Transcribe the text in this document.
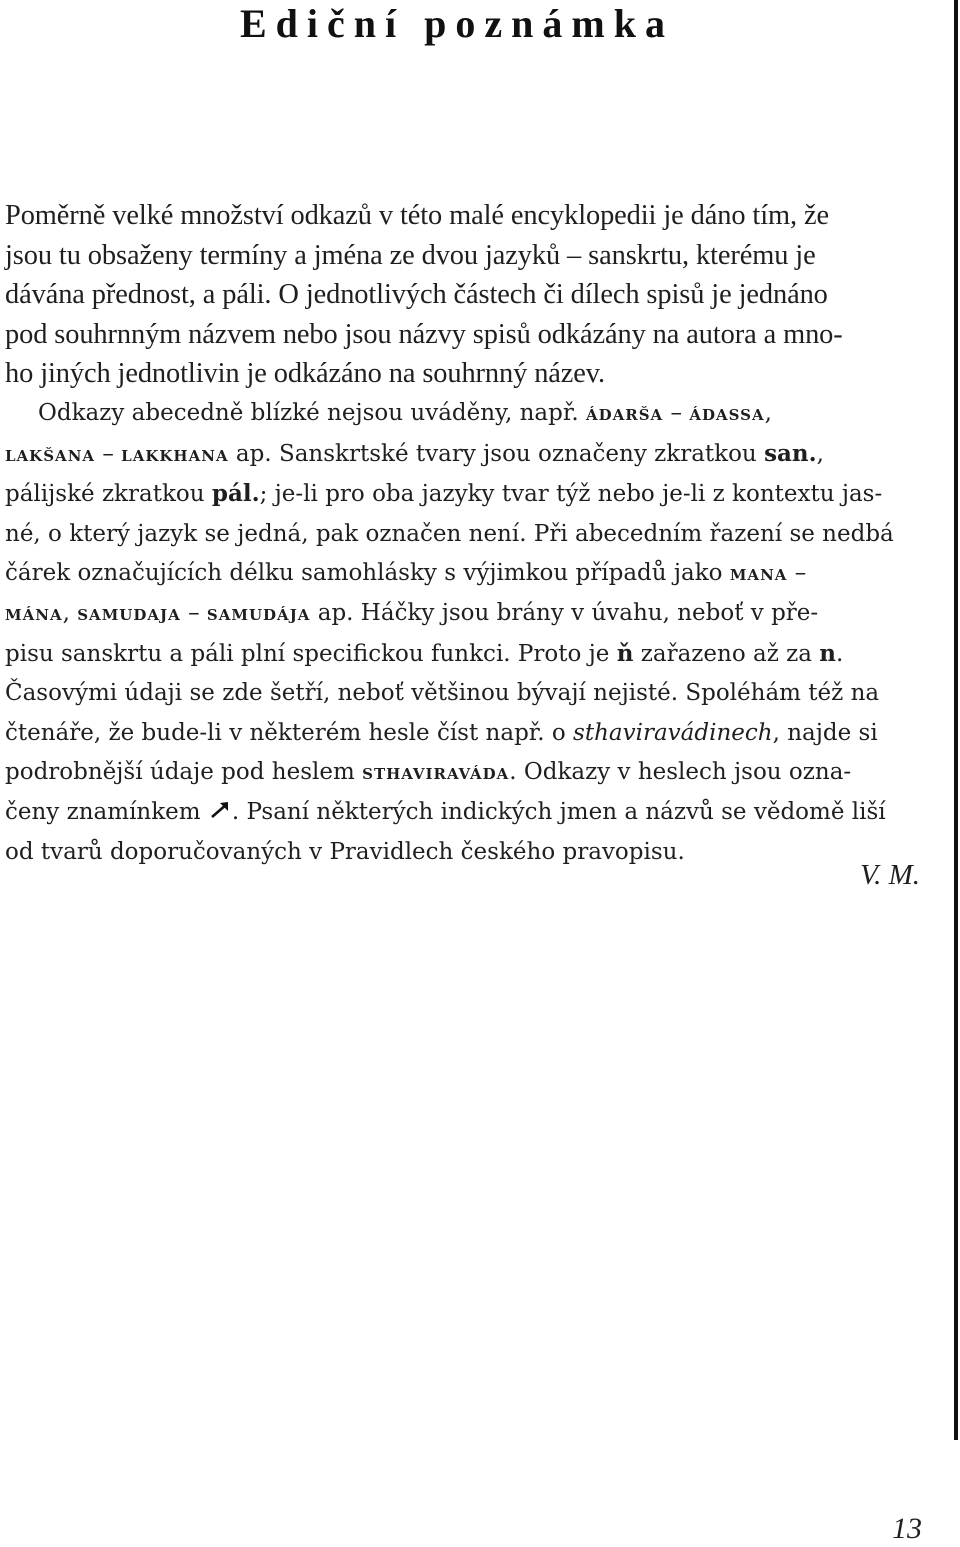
Ediční poznámka
Poměrně velké množství odkazů v této malé encyklopedii je dáno tím, že
jsou tu obsaženy termíny a jména ze dvou jazyků – sanskrtu, kterému je
dávána přednost, a páli. O jednotlivých částech či dílech spisů je jednáno
pod souhrnným názvem nebo jsou názvy spisů odkázány na autora a mno-
ho jiných jednotlivin je odkázáno na souhrnný název.
Odkazy abecedně blízké nejsou uváděny, např. ádarša – ádassa,
lakšana – lakkhana ap. Sanskrtské tvary jsou označeny zkratkou san.,
pálijské zkratkou pál.; je-li pro oba jazyky tvar týž nebo je-li z kontextu jas-
né, o který jazyk se jedná, pak označen není. Při abecedním řazení se nedbá
čárek označujících délku samohlásky s výjimkou případů jako mana –
mána, samudaja – samudája ap. Háčky jsou brány v úvahu, neboť v pře-
pisu sanskrtu a páli plní specifickou funkci. Proto je ň zařazeno až za n.
Časovými údaji se zde šetří, neboť většinou bývají nejisté. Spoléhám též na
čtenáře, že bude-li v některém hesle číst např. o sthaviravádinech, najde si
podrobnější údaje pod heslem sthaviraváda. Odkazy v heslech jsou ozna-
čeny znamínkem . Psaní některých indických jmen a názvů se vědomě liší
od tvarů doporučovaných v Pravidlech českého pravopisu.

V. M.

13
